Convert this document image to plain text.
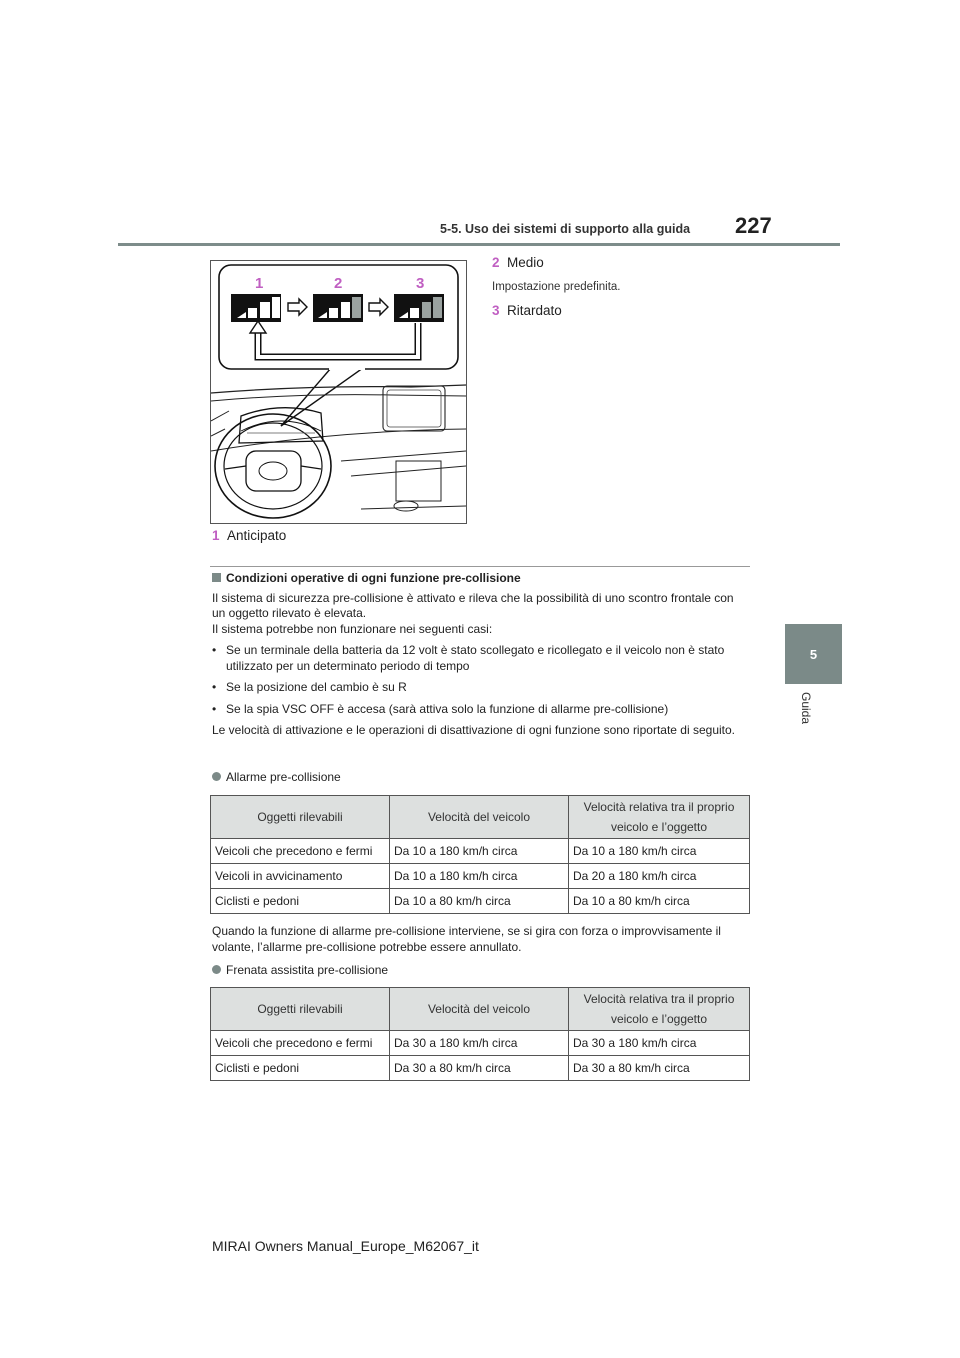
5-5. Uso dei sistemi di supporto alla guida 227
5
Guida
1	2	3
1 Anticipato
2 Medio
Impostazione predefinita.
3 Ritardato
Condizioni operative di ogni funzione pre-collisione
Il sistema di sicurezza pre-collisione è attivato e rileva che la possibilità di uno scontro frontale con un oggetto rilevato è elevata.
Il sistema potrebbe non funzionare nei seguenti casi:
• Se un terminale della batteria da 12 volt è stato scollegato e ricollegato e il veicolo non è stato utilizzato per un determinato periodo di tempo
• Se la posizione del cambio è su R
• Se la spia VSC OFF è accesa (sarà attiva solo la funzione di allarme pre-collisione)
Le velocità di attivazione e le operazioni di disattivazione di ogni funzione sono riportate di seguito.
Allarme pre-collisione
Oggetti rilevabili	Velocità del veicolo	Velocità relativa tra il proprio veicolo e l’oggetto
Veicoli che precedono e fermi	Da 10 a 180 km/h circa	Da 10 a 180 km/h circa
Veicoli in avvicinamento	Da 10 a 180 km/h circa	Da 20 a 180 km/h circa
Ciclisti e pedoni	Da 10 a 80 km/h circa	Da 10 a 80 km/h circa
Quando la funzione di allarme pre-collisione interviene, se si gira con forza o improvvisamente il volante, l’allarme pre-collisione potrebbe essere annullato.
Frenata assistita pre-collisione
Oggetti rilevabili	Velocità del veicolo	Velocità relativa tra il proprio veicolo e l’oggetto
Veicoli che precedono e fermi	Da 30 a 180 km/h circa	Da 30 a 180 km/h circa
Ciclisti e pedoni	Da 30 a 80 km/h circa	Da 30 a 80 km/h circa
MIRAI Owners Manual_Europe_M62067_it
